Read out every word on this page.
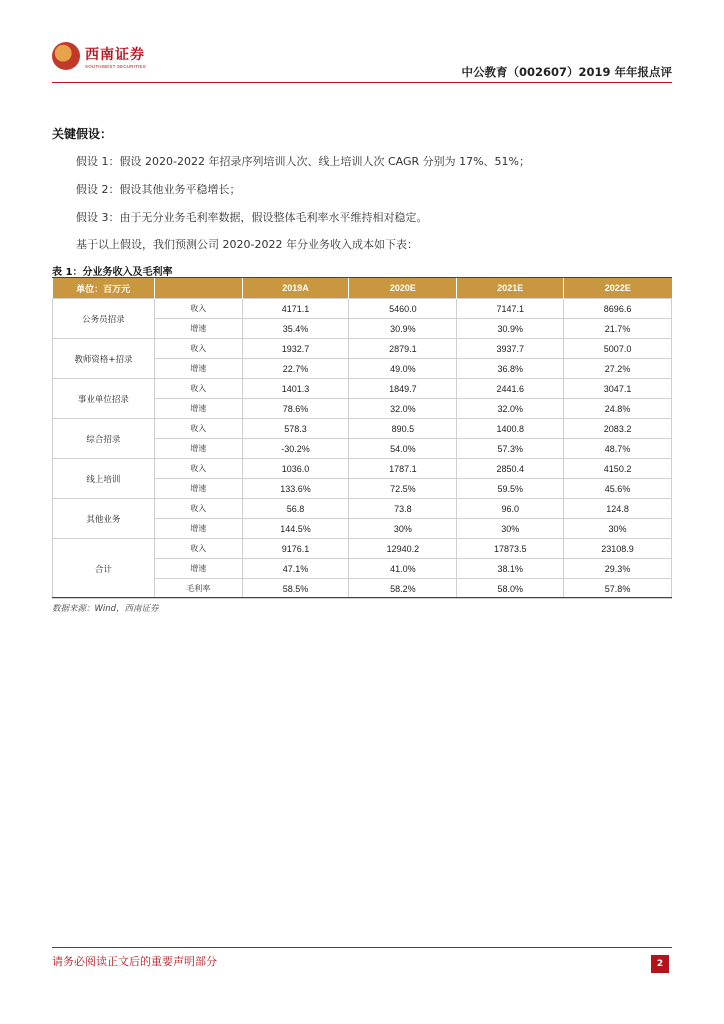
西南证券
SOUTHWEST SECURITIES	中公教育（002607）2019 年年报点评
关键假设：
假设 1：假设 2020-2022 年招录序列培训人次、线上培训人次 CAGR 分别为 17%、51%；
假设 2：假设其他业务平稳增长；
假设 3：由于无分业务毛利率数据，假设整体毛利率水平维持相对稳定。
基于以上假设，我们预测公司 2020-2022 年分业务收入成本如下表：
表 1：分业务收入及毛利率
单位：百万元		2019A	2020E	2021E	2022E
公务员招录	收入	4171.1	5460.0	7147.1	8696.6
	增速	35.4%	30.9%	30.9%	21.7%
教师资格+招录	收入	1932.7	2879.1	3937.7	5007.0
	增速	22.7%	49.0%	36.8%	27.2%
事业单位招录	收入	1401.3	1849.7	2441.6	3047.1
	增速	78.6%	32.0%	32.0%	24.8%
综合招录	收入	578.3	890.5	1400.8	2083.2
	增速	-30.2%	54.0%	57.3%	48.7%
线上培训	收入	1036.0	1787.1	2850.4	4150.2
	增速	133.6%	72.5%	59.5%	45.6%
其他业务	收入	56.8	73.8	96.0	124.8
	增速	144.5%	30%	30%	30%
合计	收入	9176.1	12940.2	17873.5	23108.9
	增速	47.1%	41.0%	38.1%	29.3%
	毛利率	58.5%	58.2%	58.0%	57.8%
数据来源：Wind，西南证券
请务必阅读正文后的重要声明部分	2
